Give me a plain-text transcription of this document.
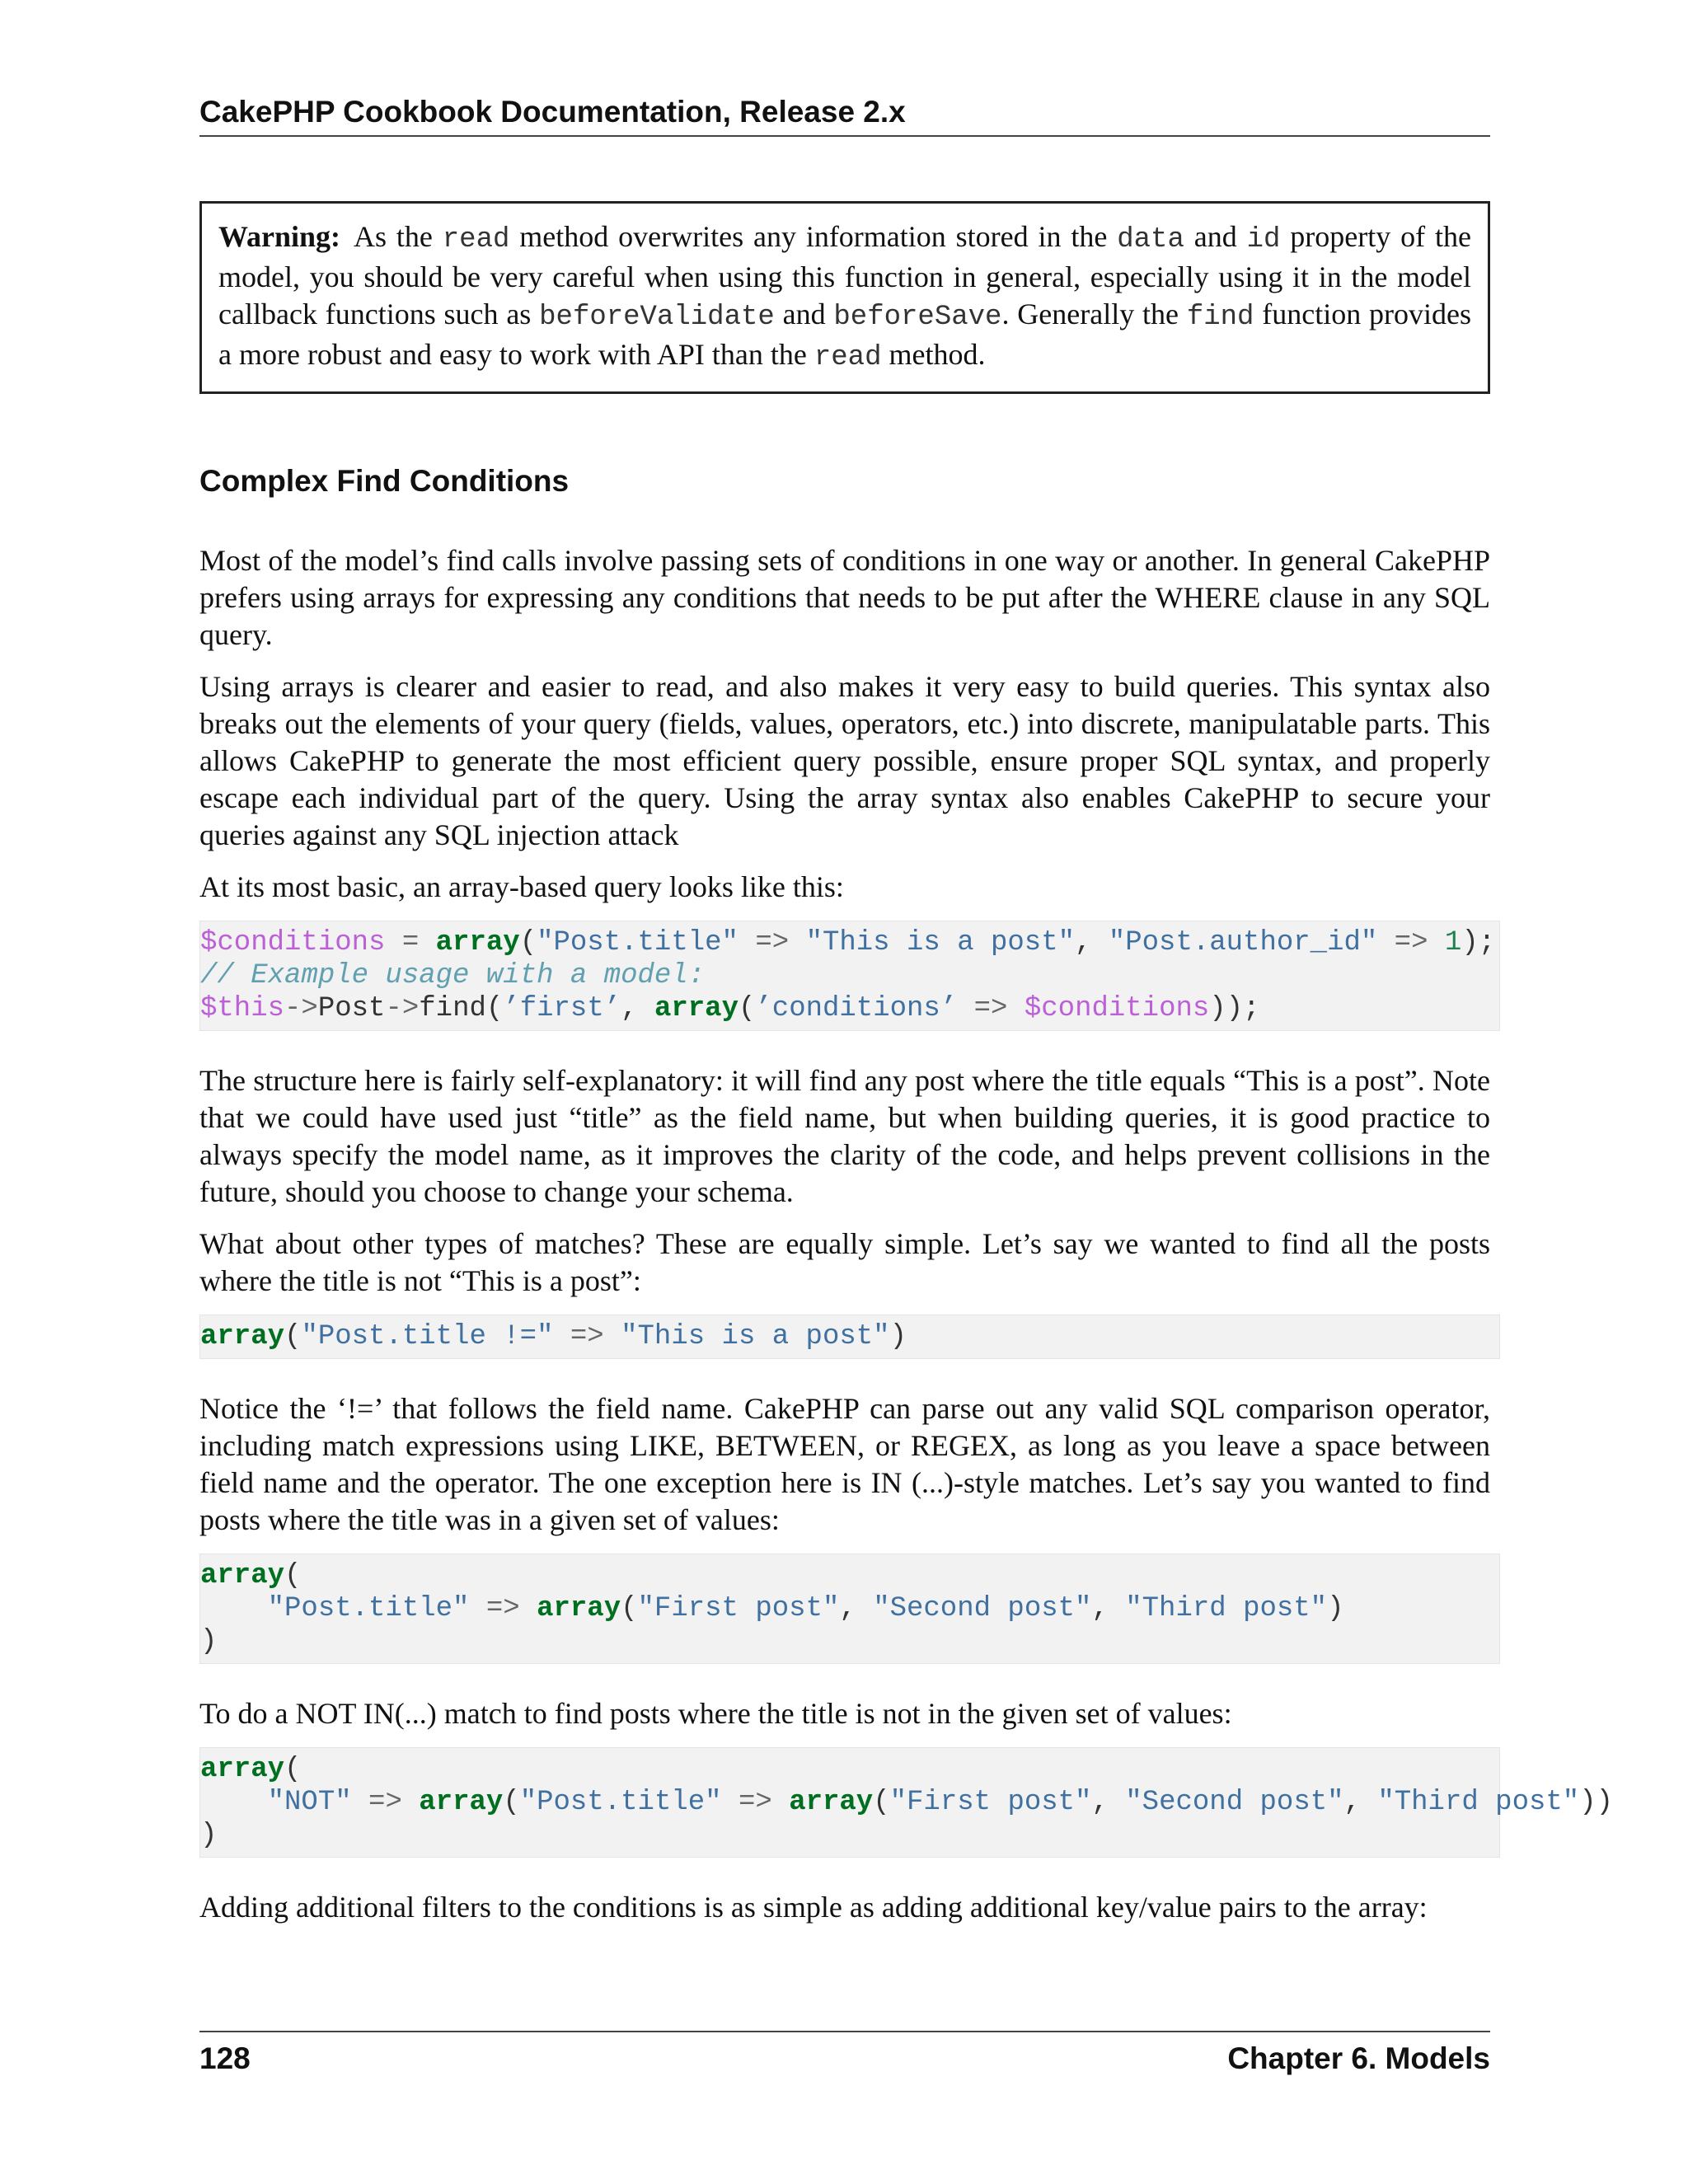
CakePHP Cookbook Documentation, Release 2.x
Warning: As the read method overwrites any information stored in the data and id property of the model, you should be very careful when using this function in general, especially using it in the model callback functions such as beforeValidate and beforeSave. Generally the find function provides a more robust and easy to work with API than the read method.
Complex Find Conditions

Most of the model’s find calls involve passing sets of conditions in one way or another. In general CakePHP prefers using arrays for expressing any conditions that needs to be put after the WHERE clause in any SQL query.

Using arrays is clearer and easier to read, and also makes it very easy to build queries. This syntax also breaks out the elements of your query (fields, values, operators, etc.) into discrete, manipulatable parts. This allows CakePHP to generate the most efficient query possible, ensure proper SQL syntax, and properly escape each individual part of the query. Using the array syntax also enables CakePHP to secure your queries against any SQL injection attack

At its most basic, an array-based query looks like this:

$conditions = array("Post.title" => "This is a post", "Post.author_id" => 1);
// Example usage with a model:
$this->Post->find(’first’, array(’conditions’ => $conditions));

The structure here is fairly self-explanatory: it will find any post where the title equals “This is a post”. Note that we could have used just “title” as the field name, but when building queries, it is good practice to always specify the model name, as it improves the clarity of the code, and helps prevent collisions in the future, should you choose to change your schema.

What about other types of matches? These are equally simple. Let’s say we wanted to find all the posts where the title is not “This is a post”:

array("Post.title !=" => "This is a post")

Notice the ‘!=’ that follows the field name. CakePHP can parse out any valid SQL comparison operator, including match expressions using LIKE, BETWEEN, or REGEX, as long as you leave a space between field name and the operator. The one exception here is IN (...)-style matches. Let’s say you wanted to find posts where the title was in a given set of values:

array(
"Post.title" => array("First post", "Second post", "Third post")
)

To do a NOT IN(...) match to find posts where the title is not in the given set of values:

array(
"NOT" => array("Post.title" => array("First post", "Second post", "Third post"))
)

Adding additional filters to the conditions is as simple as adding additional key/value pairs to the array:

128	Chapter 6. Models
